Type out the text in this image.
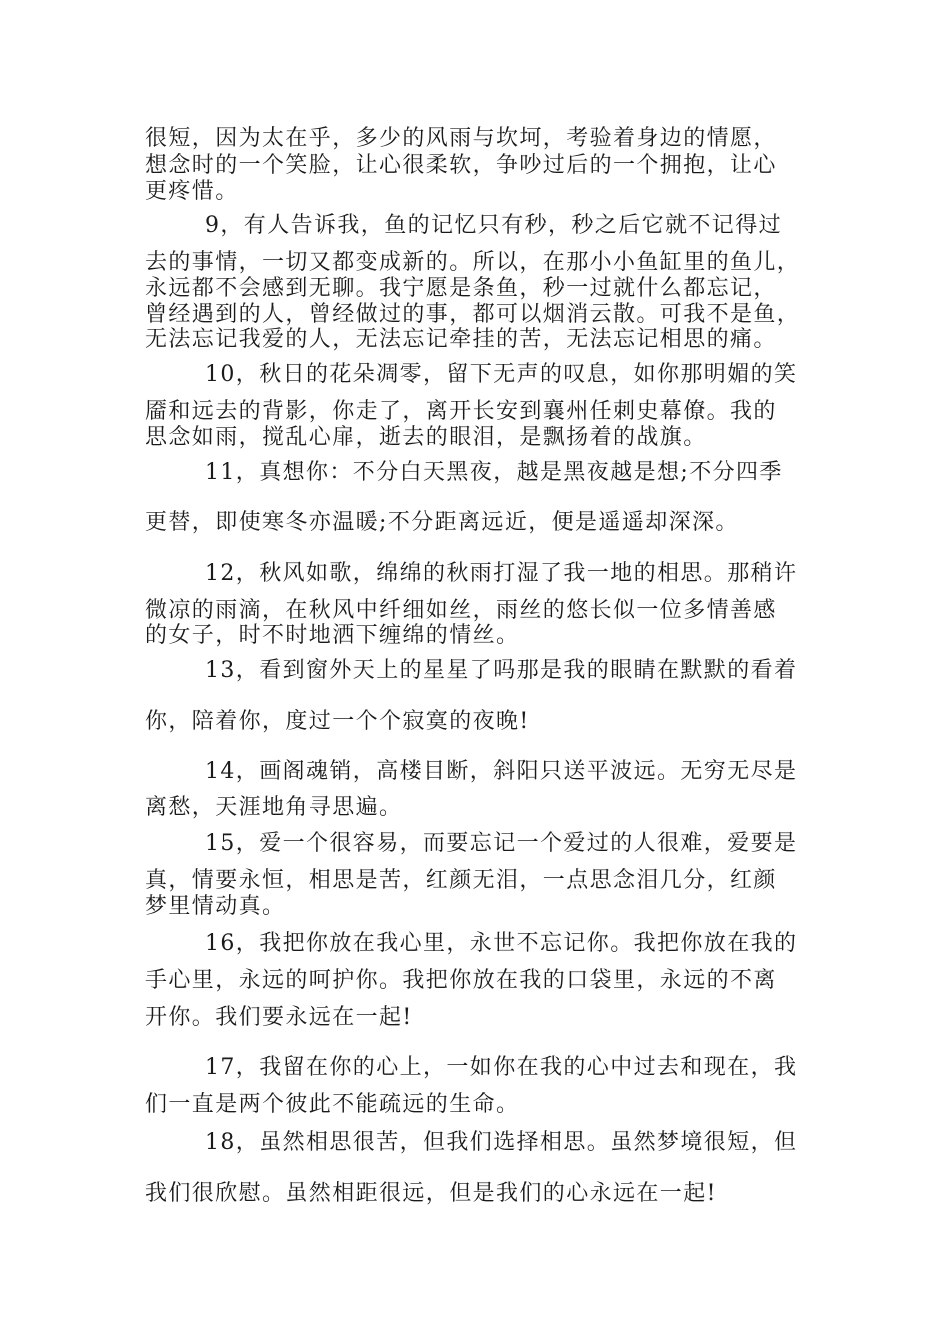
很短，因为太在乎，多少的风雨与坎坷，考验着身边的情愿，

想念时的一个笑脸，让心很柔软，争吵过后的一个拥抱，让心

更疼惜。

9，有人告诉我，鱼的记忆只有秒，秒之后它就不记得过

去的事情，一切又都变成新的。所以，在那小小鱼缸里的鱼儿，

永远都不会感到无聊。我宁愿是条鱼，秒一过就什么都忘记，

曾经遇到的人，曾经做过的事，都可以烟消云散。可我不是鱼，

无法忘记我爱的人，无法忘记牵挂的苦，无法忘记相思的痛。

10，秋日的花朵凋零，留下无声的叹息，如你那明媚的笑

靥和远去的背影，你走了，离开长安到襄州任刺史幕僚。我的

思念如雨，搅乱心扉，逝去的眼泪，是飘扬着的战旗。

11，真想你：不分白天黑夜，越是黑夜越是想;不分四季

更替，即使寒冬亦温暖;不分距离远近，便是遥遥却深深。

12，秋风如歌，绵绵的秋雨打湿了我一地的相思。那稍许

微凉的雨滴，在秋风中纤细如丝，雨丝的悠长似一位多情善感

的女子，时不时地洒下缠绵的情丝。

13，看到窗外天上的星星了吗那是我的眼睛在默默的看着

你，陪着你，度过一个个寂寞的夜晚!

14，画阁魂销，高楼目断，斜阳只送平波远。无穷无尽是

离愁，天涯地角寻思遍。

15，爱一个很容易，而要忘记一个爱过的人很难，爱要是

真，情要永恒，相思是苦，红颜无泪，一点思念泪几分，红颜

梦里情动真。

16，我把你放在我心里，永世不忘记你。我把你放在我的

手心里，永远的呵护你。我把你放在我的口袋里，永远的不离

开你。我们要永远在一起!

17，我留在你的心上，一如你在我的心中过去和现在，我

们一直是两个彼此不能疏远的生命。

18，虽然相思很苦，但我们选择相思。虽然梦境很短，但

我们很欣慰。虽然相距很远，但是我们的心永远在一起!
